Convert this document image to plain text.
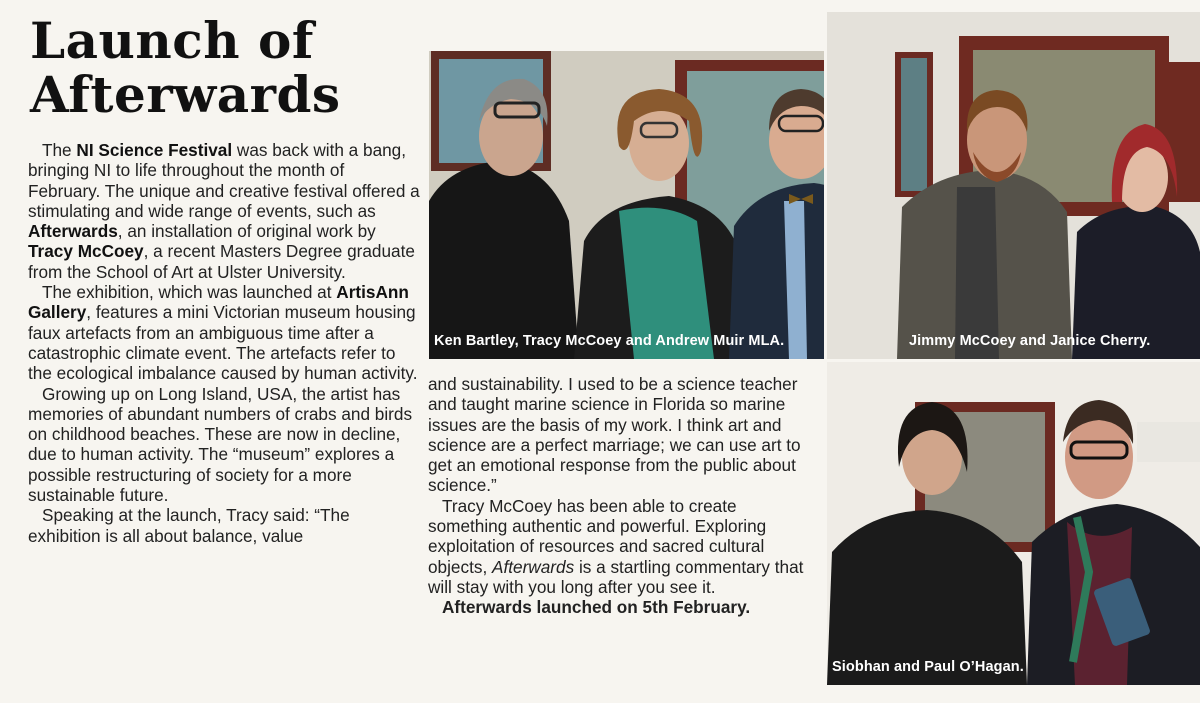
Launch of Afterwards

The NI Science Festival was back with a bang, bringing NI to life throughout the month of February. The unique and creative festival offered a stimulating and wide range of events, such as Afterwards, an installation of original work by Tracy McCoey, a recent Masters Degree graduate from the School of Art at Ulster University.

The exhibition, which was launched at ArtisAnn Gallery, features a mini Victorian museum housing faux artefacts from an ambiguous time after a catastrophic climate event. The artefacts refer to the ecological imbalance caused by human activity.

Growing up on Long Island, USA, the artist has memories of abundant numbers of crabs and birds on childhood beaches. These are now in decline, due to human activity. The “museum” explores a possible restructuring of society for a more sustainable future.

Speaking at the launch, Tracy said: “The exhibition is all about balance, value

and sustainability. I used to be a science teacher and taught marine science in Florida so marine issues are the basis of my work. I think art and science are a perfect marriage; we can use art to get an emotional response from the public about science.”

Tracy McCoey has been able to create something authentic and powerful. Exploring exploitation of resources and sacred cultural objects, Afterwards is a startling commentary that will stay with you long after you see it.

Afterwards launched on 5th February.

Ken Bartley, Tracy McCoey and Andrew Muir MLA.	Jimmy McCoey and Janice Cherry.
Siobhan and Paul O’Hagan.
